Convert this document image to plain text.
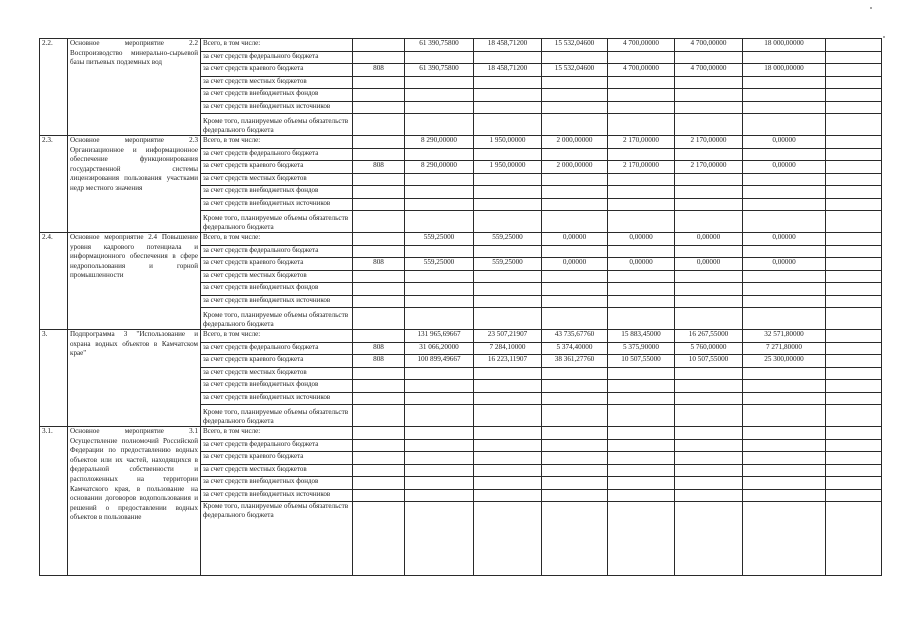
2.2.	Основное мероприятие 2.2 Воспроизводство минерально-сырьевой базы питьевых подземных вод	Всего, в том числе:		61 390,75800	18 458,71200	15 532,04600	4 700,00000	4 700,00000	18 000,00000	
		за счет средств федерального бюджета								
		за счет средств краевого бюджета	808	61 390,75800	18 458,71200	15 532,04600	4 700,00000	4 700,00000	18 000,00000	
		за счет средств местных бюджетов								
		за счет средств внебюджетных фондов								
		за счет средств внебюджетных источников								
		Кроме того, планируемые объемы обязательств федерального бюджета								
2.3.	Основное мероприятие 2.3 Организационное и информационное обеспечение функционирования государственной системы лицензирования пользования участками недр местного значения	Всего, в том числе:		8 290,00000	1 950,00000	2 000,00000	2 170,00000	2 170,00000	0,00000	
		за счет средств федерального бюджета								
		за счет средств краевого бюджета	808	8 290,00000	1 950,00000	2 000,00000	2 170,00000	2 170,00000	0,00000	
		за счет средств местных бюджетов								
		за счет средств внебюджетных фондов								
		за счет средств внебюджетных источников								
		Кроме того, планируемые объемы обязательств федерального бюджета								
2.4.	Основное мероприятие 2.4 Повышение уровня кадрового потенциала и информационного обеспечения в сфере недропользования и горной промышленности	Всего, в том числе:		559,25000	559,25000	0,00000	0,00000	0,00000	0,00000	
		за счет средств федерального бюджета								
		за счет средств краевого бюджета	808	559,25000	559,25000	0,00000	0,00000	0,00000	0,00000	
		за счет средств местных бюджетов								
		за счет средств внебюджетных фондов								
		за счет средств внебюджетных источников								
		Кроме того, планируемые объемы обязательств федерального бюджета								
3.	Подпрограмма 3 "Использование и охрана водных объектов в Камчатском крае"	Всего, в том числе:		131 965,69667	23 507,21907	43 735,67760	15 883,45000	16 267,55000	32 571,80000	
		за счет средств федерального бюджета	808	31 066,20000	7 284,10000	5 374,40000	5 375,90000	5 760,00000	7 271,80000	
		за счет средств краевого бюджета	808	100 899,49667	16 223,11907	38 361,27760	10 507,55000	10 507,55000	25 300,00000	
		за счет средств местных бюджетов								
		за счет средств внебюджетных фондов								
		за счет средств внебюджетных источников								
		Кроме того, планируемые объемы обязательств федерального бюджета								
3.1.	Основное мероприятие 3.1 Осуществление полномочий Российской Федерации по предоставлению водных объектов или их частей, находящихся в федеральной собственности и расположенных на территории Камчатского края, в пользование на основании договоров водопользования и решений о предоставлении водных объектов в пользование	Всего, в том числе:								
		за счет средств федерального бюджета								
		за счет средств краевого бюджета								
		за счет средств местных бюджетов								
		за счет средств внебюджетных фондов								
		за счет средств внебюджетных источников								
		Кроме того, планируемые объемы обязательств федерального бюджета								
